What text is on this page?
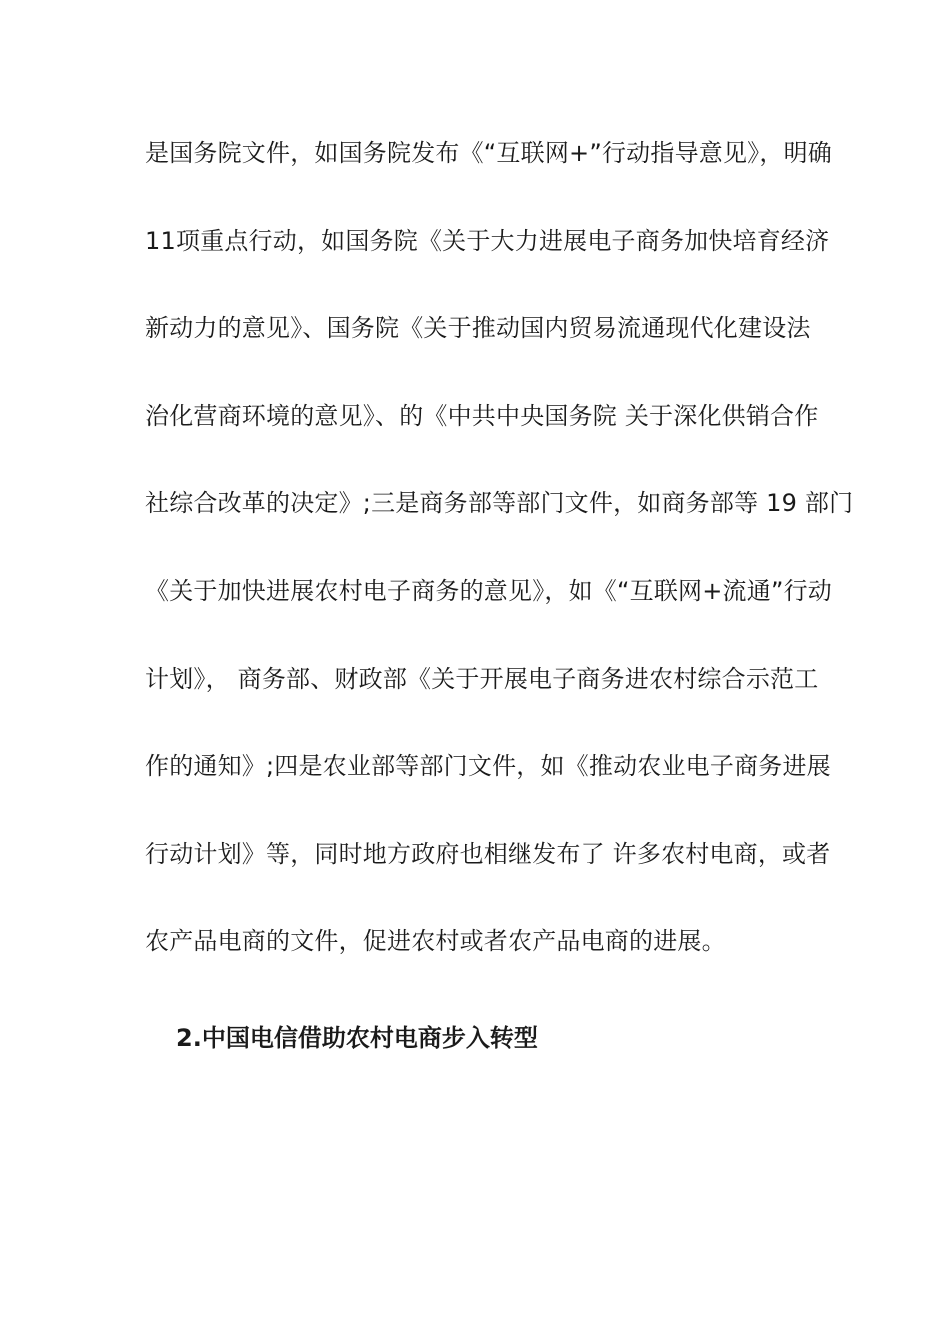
是国务院文件，如国务院发布《“互联网+”行动指导意见》，明确
11项重点行动，如国务院《关于大力进展电子商务加快培育经济
新动力的意见》、国务院《关于推动国内贸易流通现代化建设法
治化营商环境的意见》、的《中共中央国务院 关于深化供销合作
社综合改革的决定》;三是商务部等部门文件，如商务部等 19 部门
《关于加快进展农村电子商务的意见》，如《“互联网+流通”行动
计划》， 商务部、财政部《关于开展电子商务进农村综合示范工
作的通知》;四是农业部等部门文件，如《推动农业电子商务进展
行动计划》等，同时地方政府也相继发布了 许多农村电商，或者
农产品电商的文件，促进农村或者农产品电商的进展。
2.中国电信借助农村电商步入转型
